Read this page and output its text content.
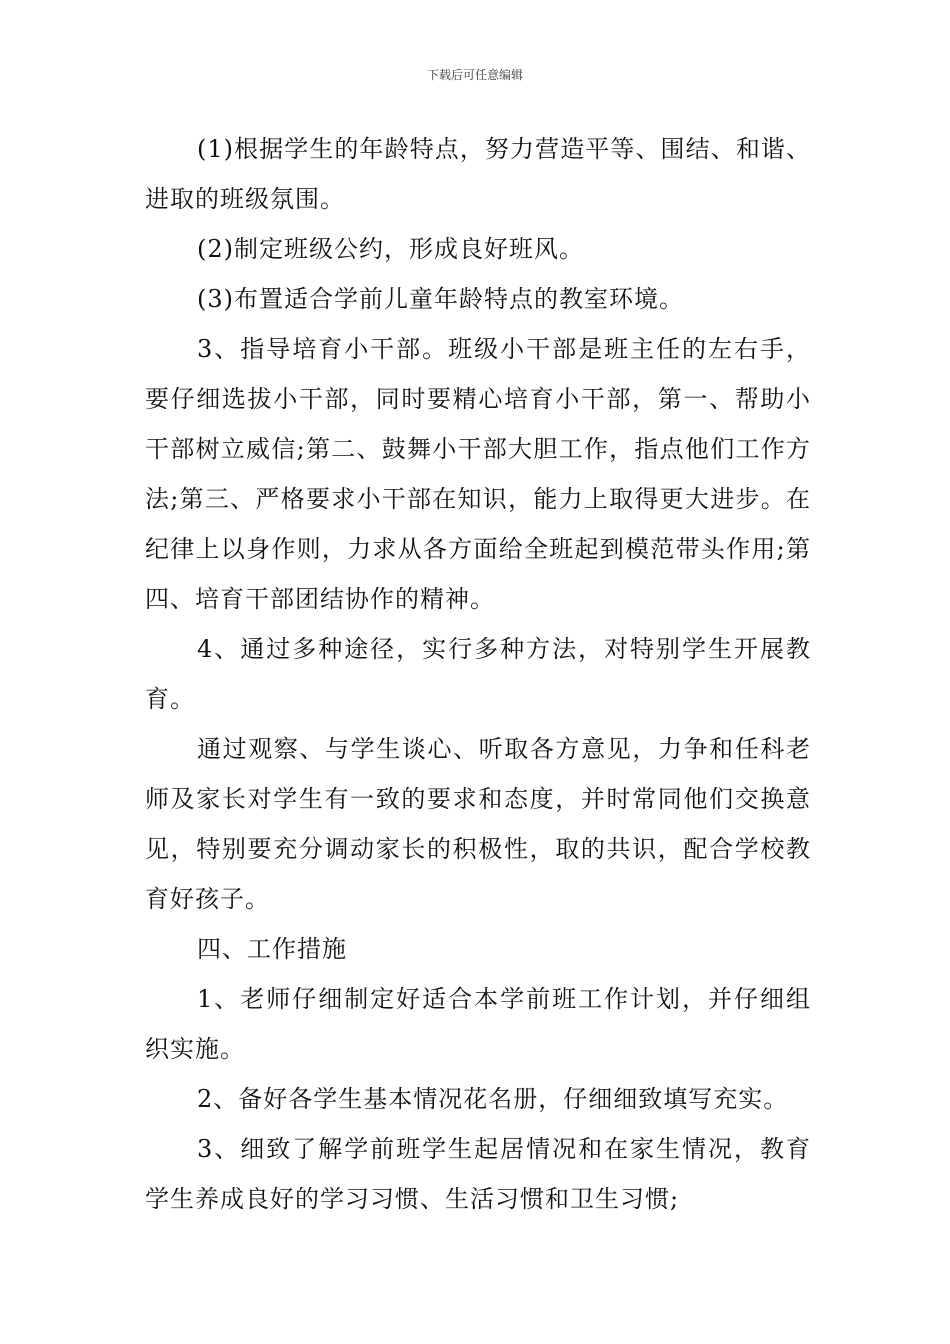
下载后可任意编辑

(1)根据学生的年龄特点，努力营造平等、围结、和谐、进取的班级氛围。

(2)制定班级公约，形成良好班风。

(3)布置适合学前儿童年龄特点的教室环境。

3、指导培育小干部。班级小干部是班主任的左右手，要仔细选拔小干部，同时要精心培育小干部，第一、帮助小干部树立威信;第二、鼓舞小干部大胆工作，指点他们工作方法;第三、严格要求小干部在知识，能力上取得更大进步。在纪律上以身作则，力求从各方面给全班起到模范带头作用;第四、培育干部团结协作的精神。

4、通过多种途径，实行多种方法，对特别学生开展教育。

通过观察、与学生谈心、听取各方意见，力争和任科老师及家长对学生有一致的要求和态度，并时常同他们交换意见，特别要充分调动家长的积极性，取的共识，配合学校教育好孩子。

四、工作措施

1、老师仔细制定好适合本学前班工作计划，并仔细组织实施。

2、备好各学生基本情况花名册，仔细细致填写充实。

3、细致了解学前班学生起居情况和在家生情况，教育学生养成良好的学习习惯、生活习惯和卫生习惯;
